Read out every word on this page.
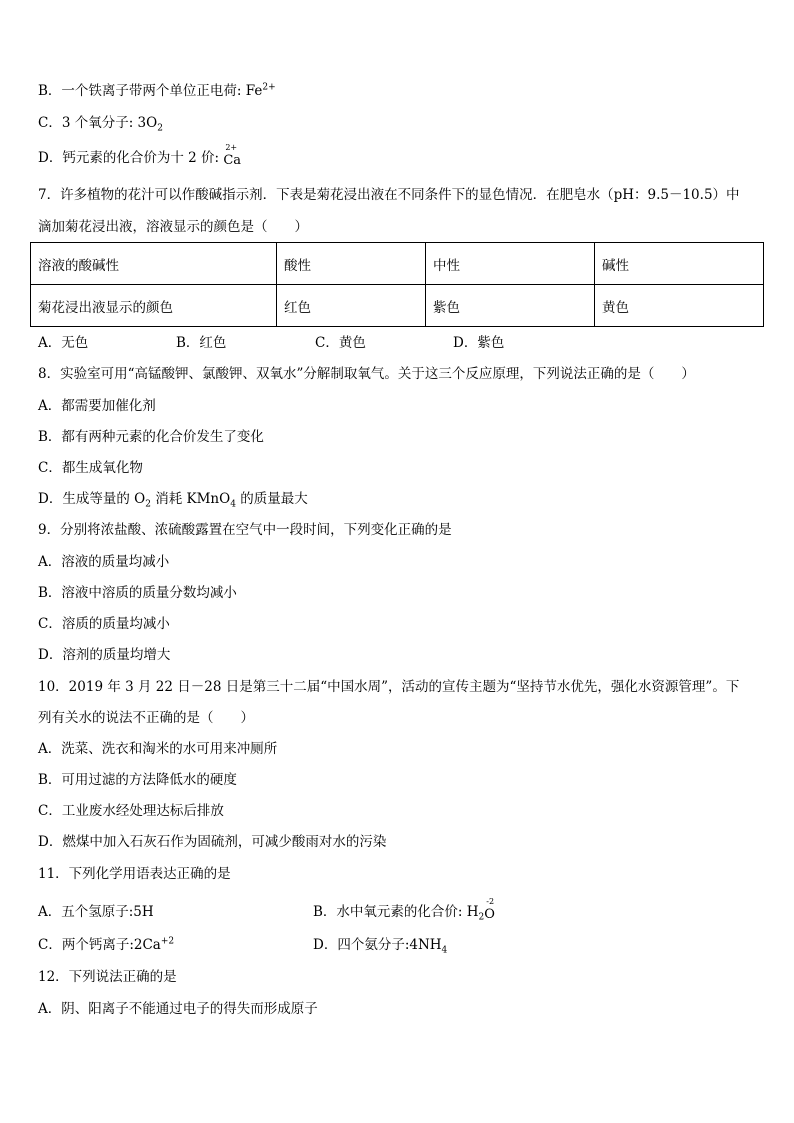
B．一个铁离子带两个单位正电荷: $Fe^{2+}$
C．3 个氧分子: $3O_2$
D．钙元素的化合价为十 2 价:
2+
Ca
7．许多植物的花汁可以作酸碱指示剂．下表是菊花浸出液在不同条件下的显色情况．在肥皂水（pH：9.5－10.5）中
滴加菊花浸出液，溶液显示的颜色是（　　）
溶液的酸碱性	酸性	中性	碱性
菊花浸出液显示的颜色	红色	紫色	黄色
A．无色	B．红色	C．黄色	D．紫色
8．实验室可用“高锰酸钾、氯酸钾、双氧水”分解制取氧气。关于这三个反应原理，下列说法正确的是（　　）
A．都需要加催化剂
B．都有两种元素的化合价发生了变化
C．都生成氧化物
D．生成等量的 $O_2$ 消耗 KMnO$_4$ 的质量最大
9．分别将浓盐酸、浓硫酸露置在空气中一段时间，下列变化正确的是
A．溶液的质量均减小
B．溶液中溶质的质量分数均减小
C．溶质的质量均减小
D．溶剂的质量均增大
10．2019 年 3 月 22 日－28 日是第三十二届“中国水周”，活动的宣传主题为“坚持节水优先，强化水资源管理”。下
列有关水的说法不正确的是（　　）
A．洗菜、洗衣和淘米的水可用来冲厕所
B．可用过滤的方法降低水的硬度
C．工业废水经处理达标后排放
D．燃煤中加入石灰石作为固硫剂，可减少酸雨对水的污染
11．下列化学用语表达正确的是
A．五个氢原子:5H	B．水中氧元素的化合价: $H_2$
-2
O
C．两个钙离子$:2Ca^{+2}$	D．四个氨分子$:4NH_4$
12．下列说法正确的是
A．阴、阳离子不能通过电子的得失而形成原子
